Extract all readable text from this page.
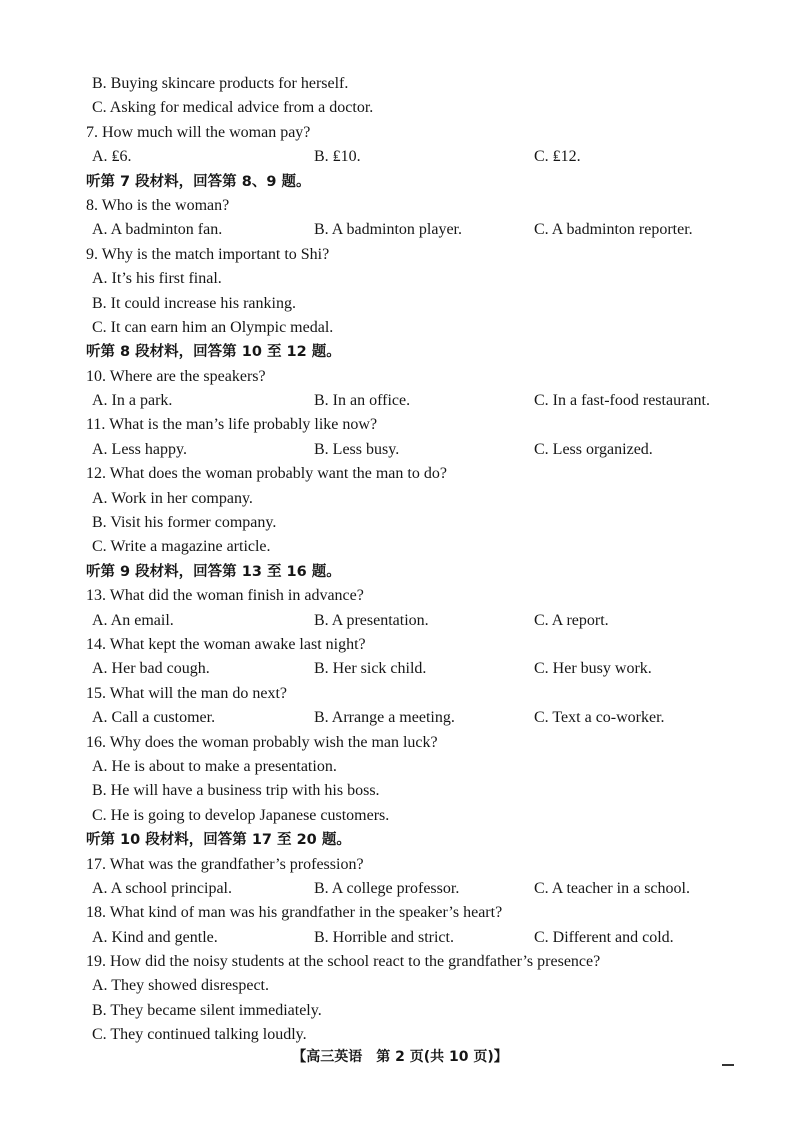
B. Buying skincare products for herself.
C. Asking for medical advice from a doctor.
7. How much will the woman pay?
A. ₤6.	B. ₤10.	C. ₤12.
听第 7 段材料，回答第 8、9 题。
8. Who is the woman?
A. A badminton fan.	B. A badminton player.	C. A badminton reporter.
9. Why is the match important to Shi?
A. It’s his first final.
B. It could increase his ranking.
C. It can earn him an Olympic medal.
听第 8 段材料，回答第 10 至 12 题。
10. Where are the speakers?
A. In a park.	B. In an office.	C. In a fast-food restaurant.
11. What is the man’s life probably like now?
A. Less happy.	B. Less busy.	C. Less organized.
12. What does the woman probably want the man to do?
A. Work in her company.
B. Visit his former company.
C. Write a magazine article.
听第 9 段材料，回答第 13 至 16 题。
13. What did the woman finish in advance?
A. An email.	B. A presentation.	C. A report.
14. What kept the woman awake last night?
A. Her bad cough.	B. Her sick child.	C. Her busy work.
15. What will the man do next?
A. Call a customer.	B. Arrange a meeting.	C. Text a co-worker.
16. Why does the woman probably wish the man luck?
A. He is about to make a presentation.
B. He will have a business trip with his boss.
C. He is going to develop Japanese customers.
听第 10 段材料，回答第 17 至 20 题。
17. What was the grandfather’s profession?
A. A school principal.	B. A college professor.	C. A teacher in a school.
18. What kind of man was his grandfather in the speaker’s heart?
A. Kind and gentle.	B. Horrible and strict.	C. Different and cold.
19. How did the noisy students at the school react to the grandfather’s presence?
A. They showed disrespect.
B. They became silent immediately.
C. They continued talking loudly.
【高三英语　第 2 页(共 10 页)】
